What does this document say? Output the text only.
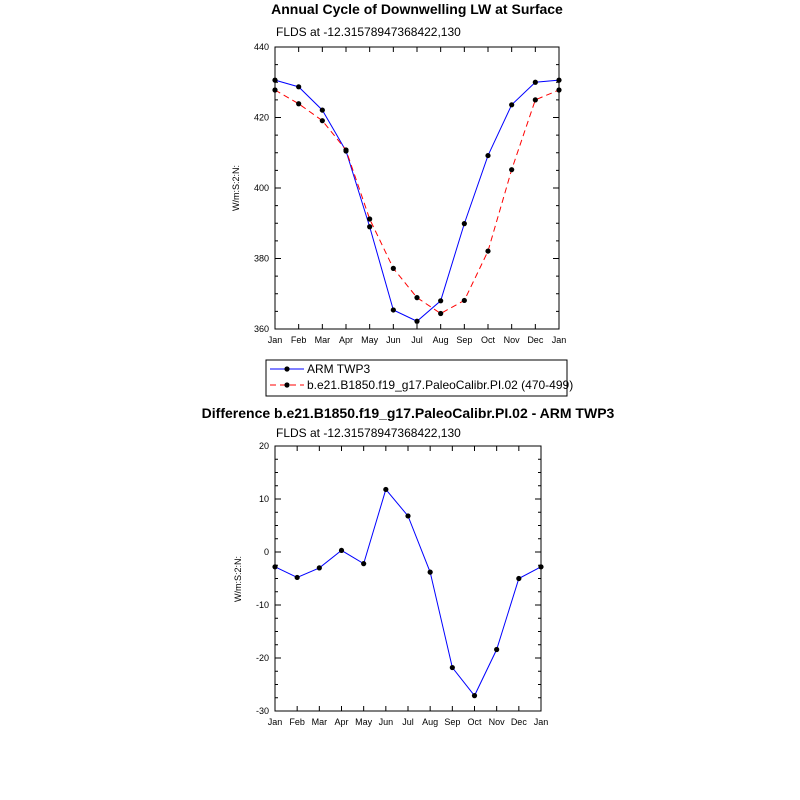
Annual Cycle of Downwelling LW at Surface
FLDS at -12.31578947368422,130
W/m:S:2:N:
Difference b.e21.B1850.f19_g17.PaleoCalibr.PI.02 - ARM TWP3
FLDS at -12.31578947368422,130
W/m:S:2:N:
ARM TWP3
b.e21.B1850.f19_g17.PaleoCalibr.PI.02 (470-499)
Jan Feb Mar Apr May Jun Jul Aug Sep Oct Nov Dec Jan
360
380
400
420
440
Jan Feb Mar Apr May Jun Jul Aug Sep Oct Nov Dec Jan
-30
-20
-10
0
10
20
